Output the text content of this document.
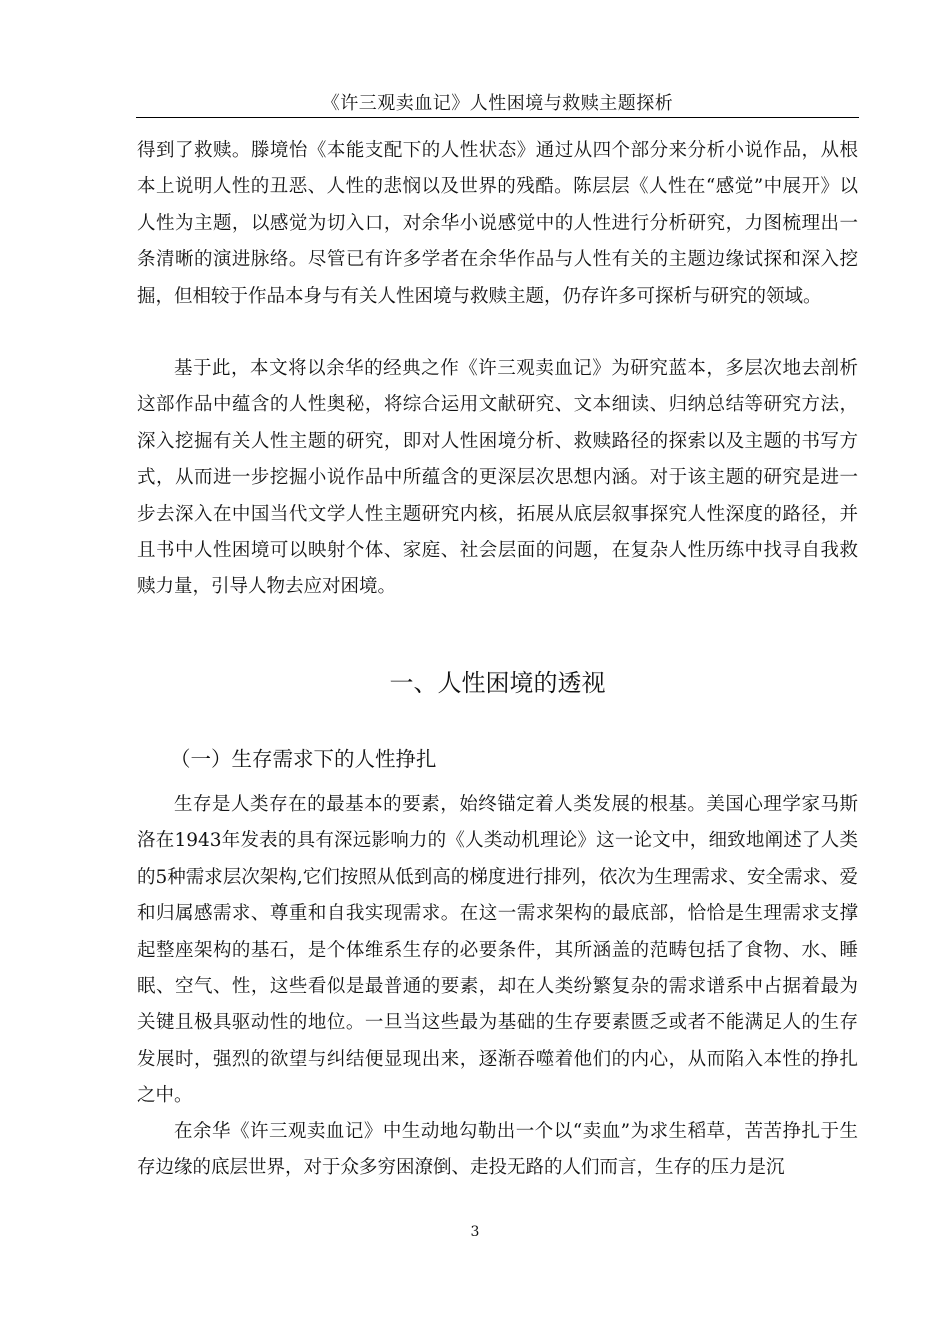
《许三观卖血记》人性困境与救赎主题探析

得到了救赎。滕境怡《本能支配下的人性状态》通过从四个部分来分析小说作品，从根本上说明人性的丑恶、人性的悲悯以及世界的残酷。陈层层《人性在“感觉”中展开》以人性为主题，以感觉为切入口，对余华小说感觉中的人性进行分析研究，力图梳理出一条清晰的演进脉络。尽管已有许多学者在余华作品与人性有关的主题边缘试探和深入挖掘，但相较于作品本身与有关人性困境与救赎主题，仍存许多可探析与研究的领域。

基于此，本文将以余华的经典之作《许三观卖血记》为研究蓝本，多层次地去剖析这部作品中蕴含的人性奥秘，将综合运用文献研究、文本细读、归纳总结等研究方法，深入挖掘有关人性主题的研究，即对人性困境分析、救赎路径的探索以及主题的书写方式，从而进一步挖掘小说作品中所蕴含的更深层次思想内涵。对于该主题的研究是进一步去深入在中国当代文学人性主题研究内核，拓展从底层叙事探究人性深度的路径，并且书中人性困境可以映射个体、家庭、社会层面的问题，在复杂人性历练中找寻自我救赎力量，引导人物去应对困境。

一、人性困境的透视
（一）生存需求下的人性挣扎

生存是人类存在的最基本的要素，始终锚定着人类发展的根基。美国心理学家马斯洛在1943年发表的具有深远影响力的《人类动机理论》这一论文中，细致地阐述了人类的5种需求层次架构,它们按照从低到高的梯度进行排列，依次为生理需求、安全需求、爱和归属感需求、尊重和自我实现需求。在这一需求架构的最底部，恰恰是生理需求支撑起整座架构的基石，是个体维系生存的必要条件，其所涵盖的范畴包括了食物、水、睡眠、空气、性，这些看似是最普通的要素，却在人类纷繁复杂的需求谱系中占据着最为关键且极具驱动性的地位。一旦当这些最为基础的生存要素匮乏或者不能满足人的生存发展时，强烈的欲望与纠结便显现出来，逐渐吞噬着他们的内心，从而陷入本性的挣扎之中。

在余华《许三观卖血记》中生动地勾勒出一个以“卖血”为求生稻草，苦苦挣扎于生存边缘的底层世界，对于众多穷困潦倒、走投无路的人们而言，生存的压力是沉

3
